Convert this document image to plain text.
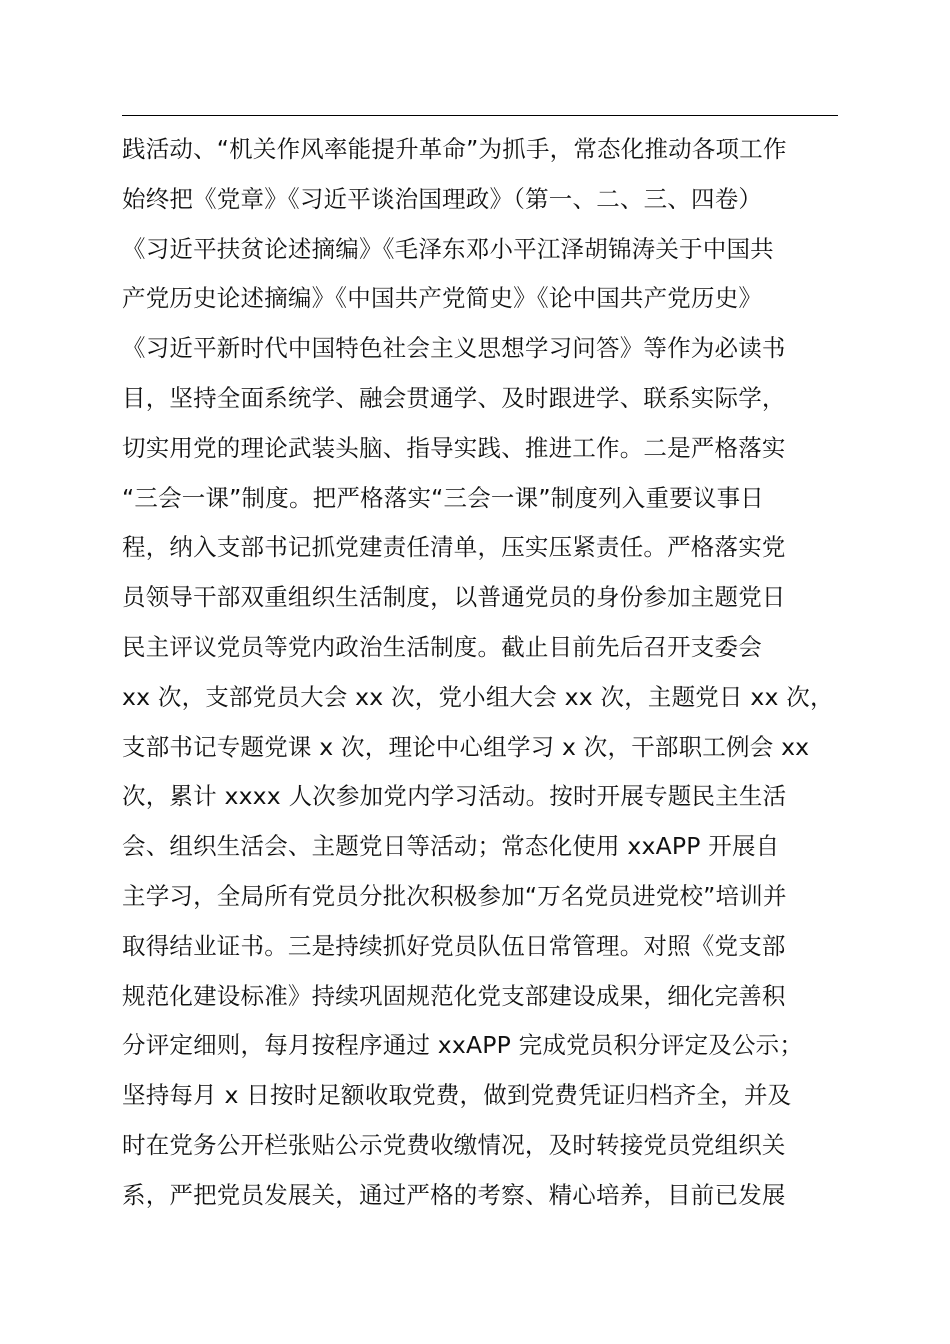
践活动、“机关作风率能提升革命”为抓手，常态化推动各项工作
始终把《党章》《习近平谈治国理政》（第一、二、三、四卷）
《习近平扶贫论述摘编》《毛泽东邓小平江泽胡锦涛关于中国共
产党历史论述摘编》《中国共产党简史》《论中国共产党历史》
《习近平新时代中国特色社会主义思想学习问答》等作为必读书
目，坚持全面系统学、融会贯通学、及时跟进学、联系实际学，
切实用党的理论武装头脑、指导实践、推进工作。二是严格落实
“三会一课”制度。把严格落实“三会一课”制度列入重要议事日
程，纳入支部书记抓党建责任清单，压实压紧责任。严格落实党
员领导干部双重组织生活制度，以普通党员的身份参加主题党日
民主评议党员等党内政治生活制度。截止目前先后召开支委会
xx 次，支部党员大会 xx 次，党小组大会 xx 次，主题党日 xx 次，
支部书记专题党课 x 次，理论中心组学习 x 次，干部职工例会 xx
次，累计 xxxx 人次参加党内学习活动。按时开展专题民主生活
会、组织生活会、主题党日等活动；常态化使用 xxAPP 开展自
主学习，全局所有党员分批次积极参加“万名党员进党校”培训并
取得结业证书。三是持续抓好党员队伍日常管理。对照《党支部
规范化建设标准》持续巩固规范化党支部建设成果，细化完善积
分评定细则，每月按程序通过 xxAPP 完成党员积分评定及公示；
坚持每月 x 日按时足额收取党费，做到党费凭证归档齐全，并及
时在党务公开栏张贴公示党费收缴情况，及时转接党员党组织关
系，严把党员发展关，通过严格的考察、精心培养，目前已发展
